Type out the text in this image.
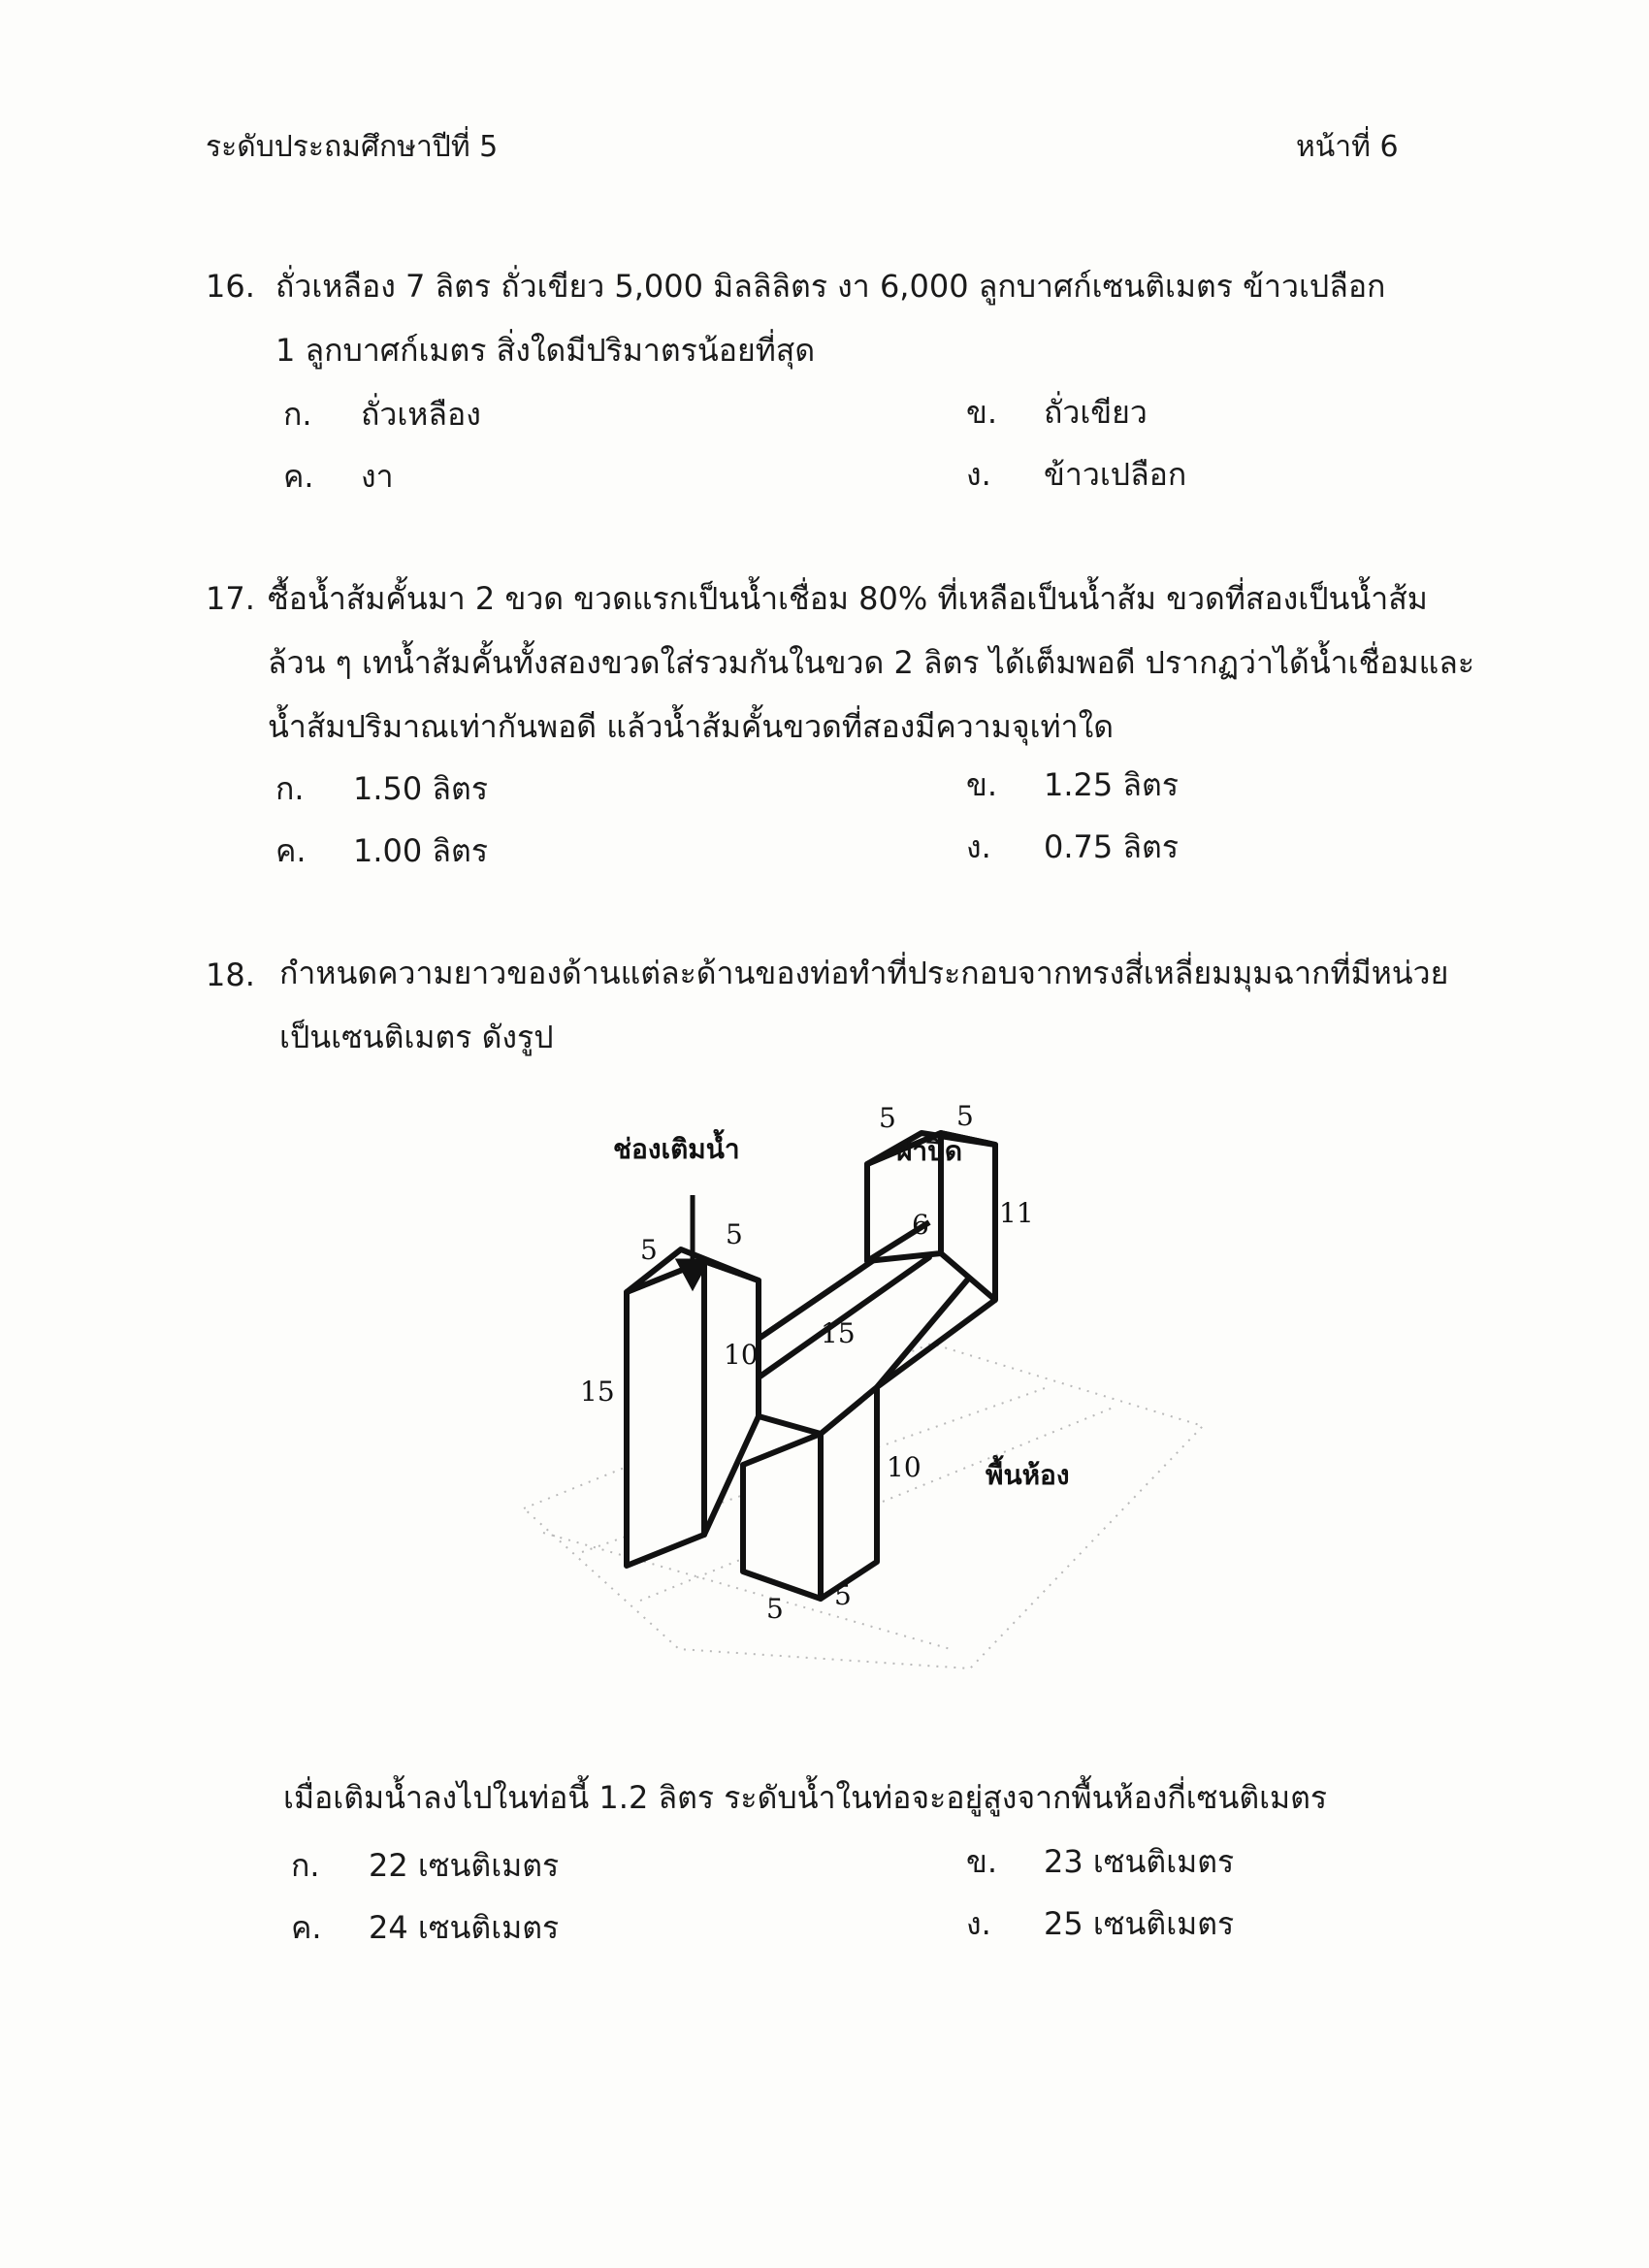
ระดับประถมศึกษาปีที่ 5	หน้าที่ 6
16. ถั่วเหลือง 7 ลิตร ถั่วเขียว 5,000 มิลลิลิตร งา 6,000 ลูกบาศก์เซนติเมตร ข้าวเปลือก
1 ลูกบาศก์เมตร สิ่งใดมีปริมาตรน้อยที่สุด
ก. ถั่วเหลือง	ข. ถั่วเขียว
ค. งา	ง. ข้าวเปลือก
17. ซื้อน้ำส้มคั้นมา 2 ขวด ขวดแรกเป็นน้ำเชื่อม 80% ที่เหลือเป็นน้ำส้ม ขวดที่สองเป็นน้ำส้ม
ล้วน ๆ เทน้ำส้มคั้นทั้งสองขวดใส่รวมกันในขวด 2 ลิตร ได้เต็มพอดี ปรากฏว่าได้น้ำเชื่อมและ
น้ำส้มปริมาณเท่ากันพอดี แล้วน้ำส้มคั้นขวดที่สองมีความจุเท่าใด
ก. 1.50 ลิตร	ข. 1.25 ลิตร
ค. 1.00 ลิตร	ง. 0.75 ลิตร
18. กำหนดความยาวของด้านแต่ละด้านของท่อทำที่ประกอบจากทรงสี่เหลี่ยมมุมฉากที่มีหน่วย
เป็นเซนติเมตร ดังรูป
ช่องเติมน้ำ	ฝาปิด
พื้นห้อง
5 5
11
6
5	5
15
10
15
10
5 5
เมื่อเติมน้ำลงไปในท่อนี้ 1.2 ลิตร ระดับน้ำในท่อจะอยู่สูงจากพื้นห้องกี่เซนติเมตร
ก. 22 เซนติเมตร	ข. 23 เซนติเมตร
ค. 24 เซนติเมตร	ง. 25 เซนติเมตร
